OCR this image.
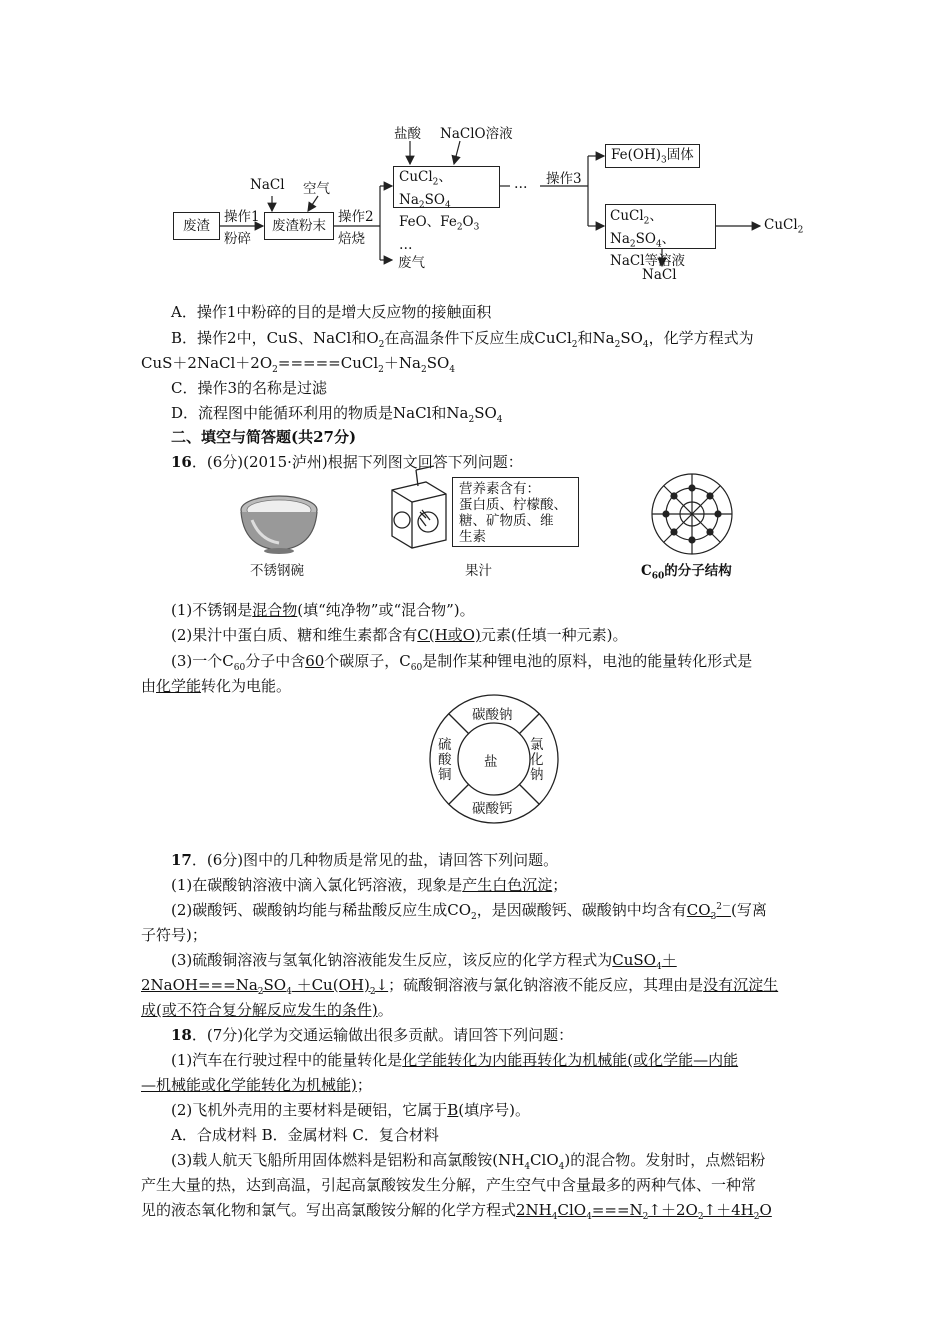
废渣
操作1
粉碎
NaCl 空气
废渣粉末
操作2
焙烧
废气
盐酸 NaClO溶液
CuCl$_2$、$Na_2SO_4$
FeO、$Fe_2O_3$ …
… 操作3
$Fe(OH)_3$固体
CuCl$_2$、$Na_2SO_4$、
NaCl等溶液
CuCl$_2$
NaCl
A．操作1中粉碎的目的是增大反应物的接触面积
B．操作2中，CuS、NaCl和$O_2$在高温条件下反应生成CuCl$_2$和$Na_2SO_4$，化学方程式为
$CuS+2NaCl+2O_2=====CuCl_2+Na_2SO_4$
C．操作3的名称是过滤
D．流程图中能循环利用的物质是NaCl和$Na_2SO_4$
二、填空与简答题(共27分)
16．(6分)(2015·泸州)根据下列图文回答下列问题：
营养素含有：
蛋白质、柠檬酸、
糖、矿物质、维
生素
不锈钢碗	果汁	$C_{60}$的分子结构
(1)不锈钢是混合物(填“纯净物”或“混合物”)。
(2)果汁中蛋白质、糖和维生素都含有C(H或O)元素(任填一种元素)。
(3)一个$C_{60}$分子中含60个碳原子，$C_{60}$是制作某种锂电池的原料，电池的能量转化形式是
由化学能转化为电能。
盐
碳酸钠
碳酸钙
氯化钠
硫酸铜
17．(6分)图中的几种物质是常见的盐，请回答下列问题。
(1)在碳酸钠溶液中滴入氯化钙溶液，现象是产生白色沉淀；
(2)碳酸钙、碳酸钠均能与稀盐酸反应生成$CO_2$，是因碳酸钙、碳酸钠中均含有$CO_3^{2-}$(写离
子符号)；
(3)硫酸铜溶液与氢氧化钠溶液能发生反应，该反应的化学方程式为CuSO$_4$＋
$2NaOH===Na_2SO_4$ $+Cu(OH)_2↓$；硫酸铜溶液与氯化钠溶液不能反应，其理由是没有沉淀生
成(或不符合复分解反应发生的条件)。
18．(7分)化学为交通运输做出很多贡献。请回答下列问题：
(1)汽车在行驶过程中的能量转化是化学能转化为内能再转化为机械能(或化学能—内能
—机械能或化学能转化为机械能)；
(2)飞机外壳用的主要材料是硬铝，它属于B(填序号)。
A．合成材料 B．金属材料 C．复合材料
(3)载人航天飞船所用固体燃料是铝粉和高氯酸铵$(NH_4ClO_4)$的混合物。发射时，点燃铝粉
产生大量的热，达到高温，引起高氯酸铵发生分解，产生空气中含量最多的两种气体、一种常
见的液态氧化物和氯气。写出高氯酸铵分解的化学方程式$2NH_4ClO_4===N_2↑+2O_2↑+4H_2O$
